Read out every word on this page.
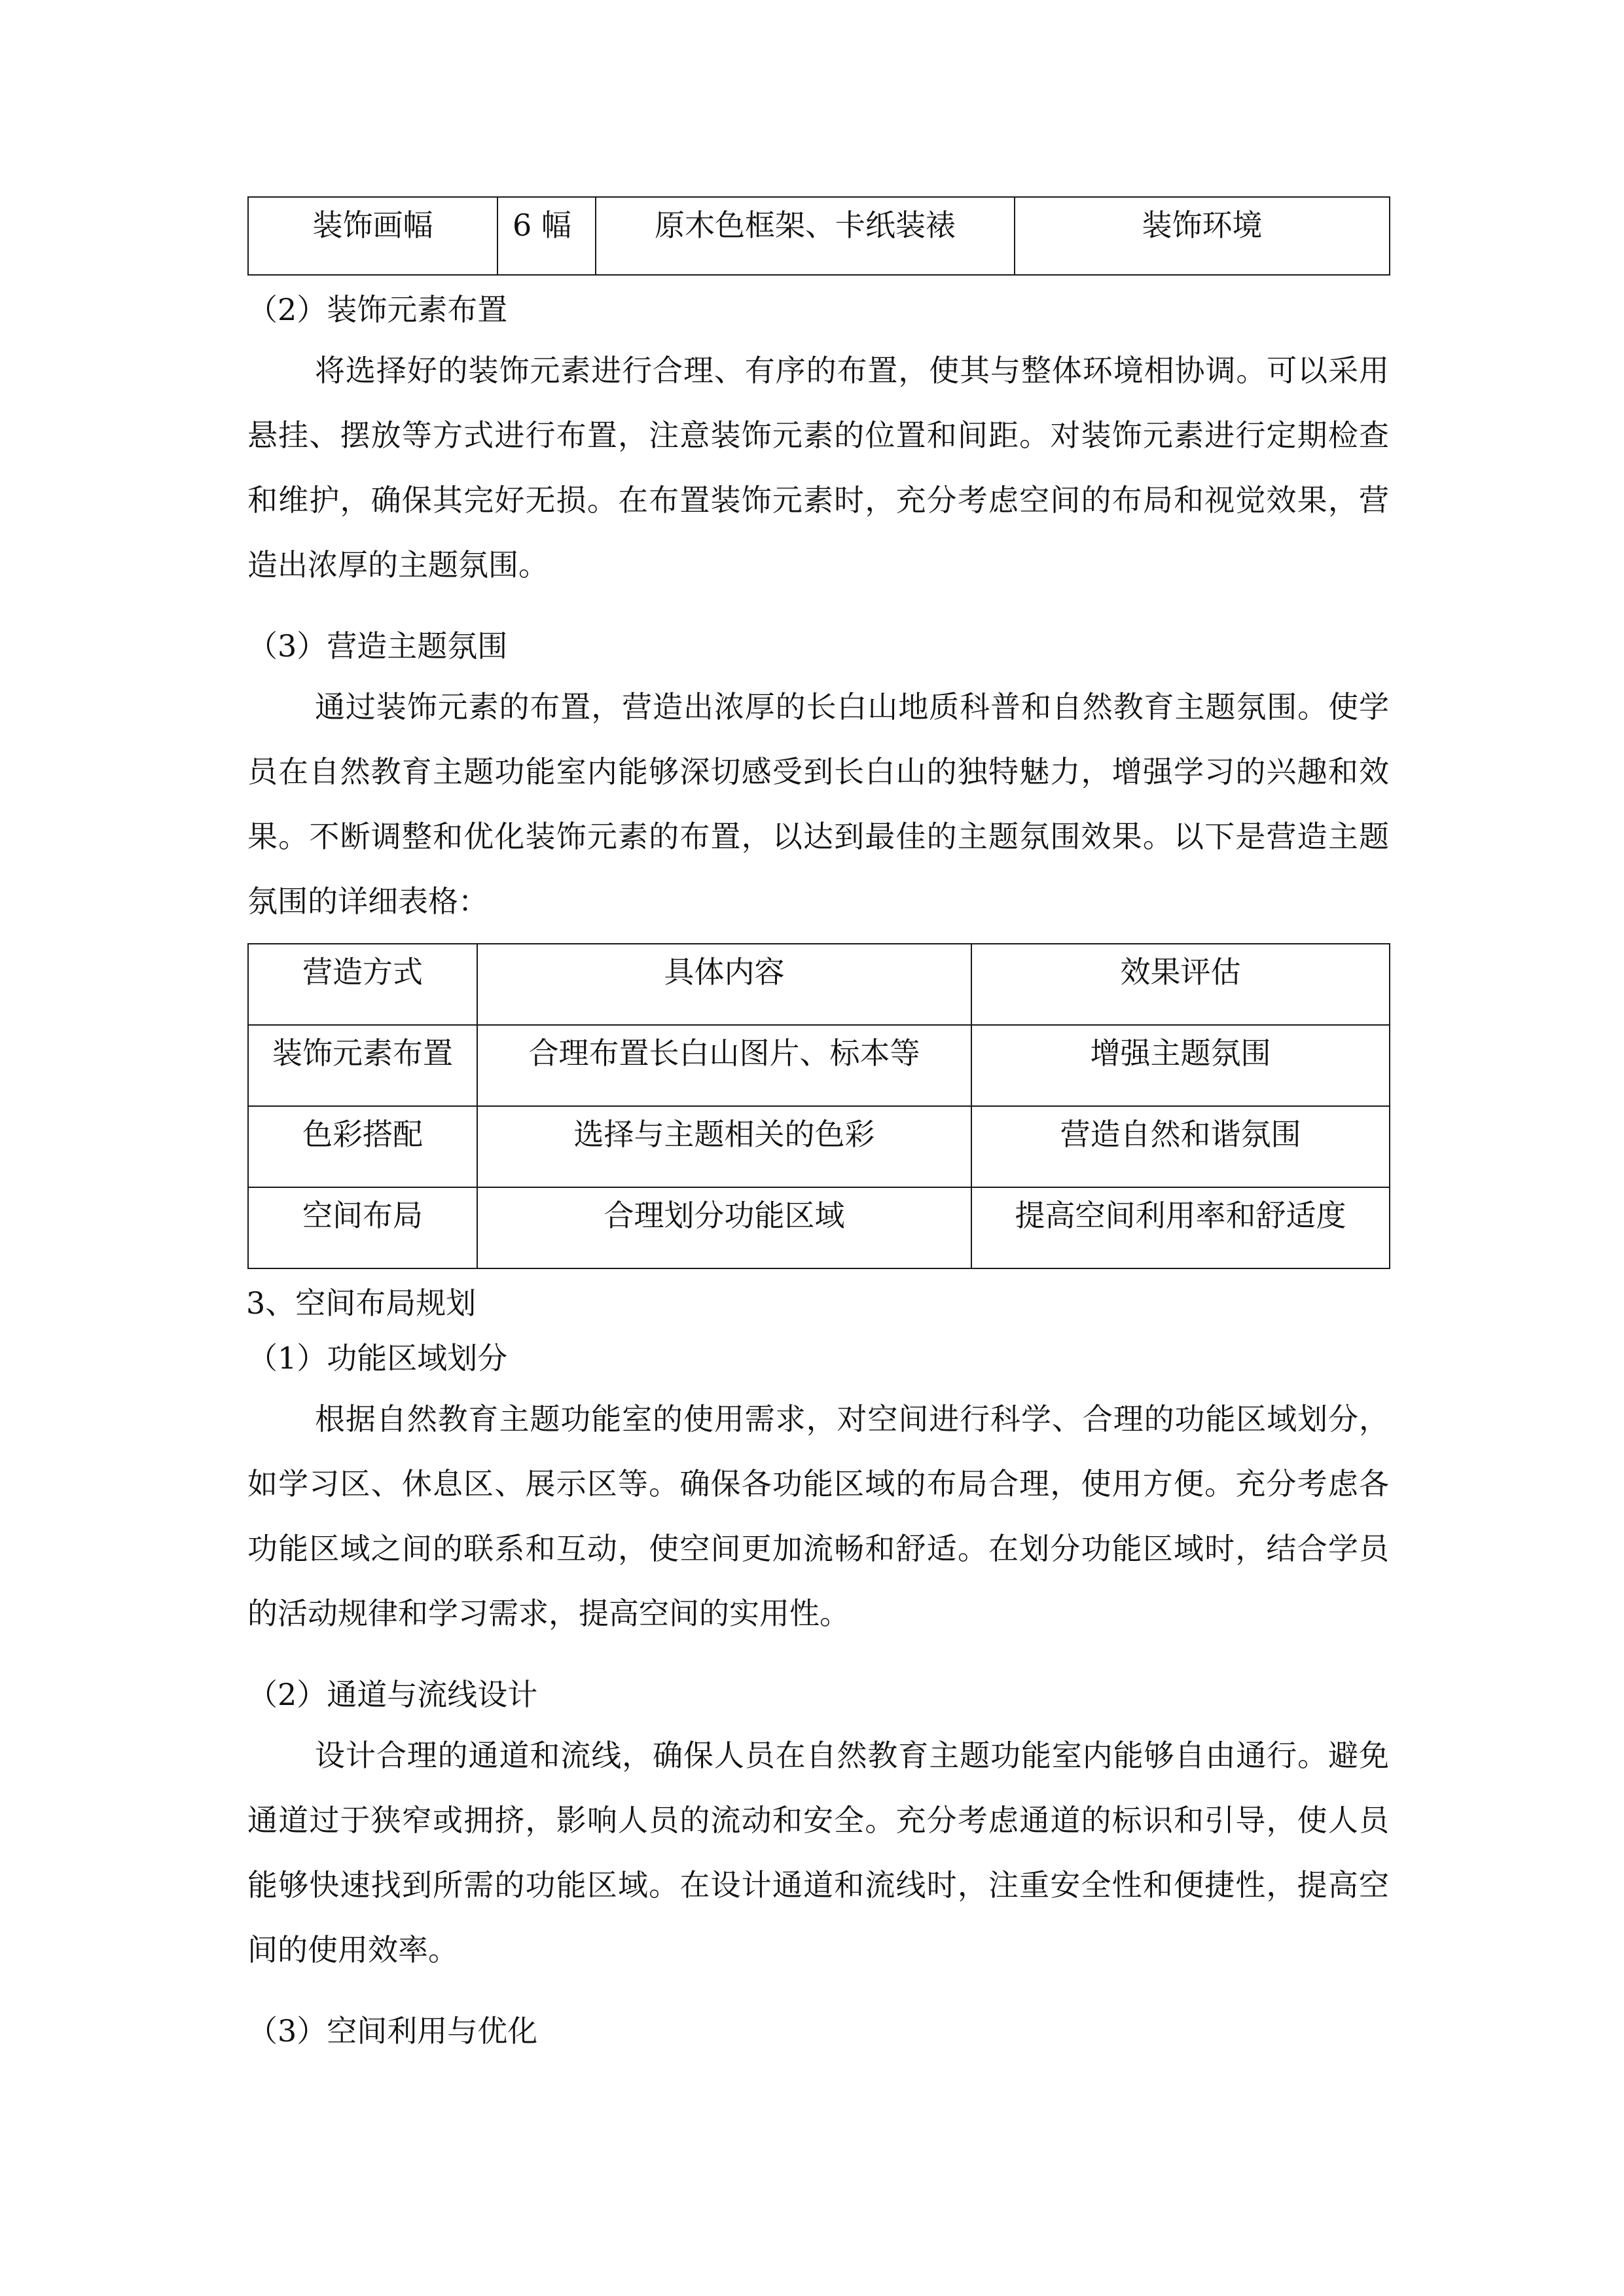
装饰画幅	6 幅	原木色框架、卡纸装裱	装饰环境

（2）装饰元素布置

将选择好的装饰元素进行合理、有序的布置，使其与整体环境相协调。可以采用悬挂、摆放等方式进行布置，注意装饰元素的位置和间距。对装饰元素进行定期检查和维护，确保其完好无损。在布置装饰元素时，充分考虑空间的布局和视觉效果，营造出浓厚的主题氛围。

（3）营造主题氛围

通过装饰元素的布置，营造出浓厚的长白山地质科普和自然教育主题氛围。使学员在自然教育主题功能室内能够深切感受到长白山的独特魅力，增强学习的兴趣和效果。不断调整和优化装饰元素的布置，以达到最佳的主题氛围效果。以下是营造主题氛围的详细表格：

营造方式	具体内容	效果评估
装饰元素布置	合理布置长白山图片、标本等	增强主题氛围
色彩搭配	选择与主题相关的色彩	营造自然和谐氛围
空间布局	合理划分功能区域	提高空间利用率和舒适度

3、空间布局规划

（1）功能区域划分

根据自然教育主题功能室的使用需求，对空间进行科学、合理的功能区域划分，如学习区、休息区、展示区等。确保各功能区域的布局合理，使用方便。充分考虑各功能区域之间的联系和互动，使空间更加流畅和舒适。在划分功能区域时，结合学员的活动规律和学习需求，提高空间的实用性。

（2）通道与流线设计

设计合理的通道和流线，确保人员在自然教育主题功能室内能够自由通行。避免通道过于狭窄或拥挤，影响人员的流动和安全。充分考虑通道的标识和引导，使人员能够快速找到所需的功能区域。在设计通道和流线时，注重安全性和便捷性，提高空间的使用效率。

（3）空间利用与优化
